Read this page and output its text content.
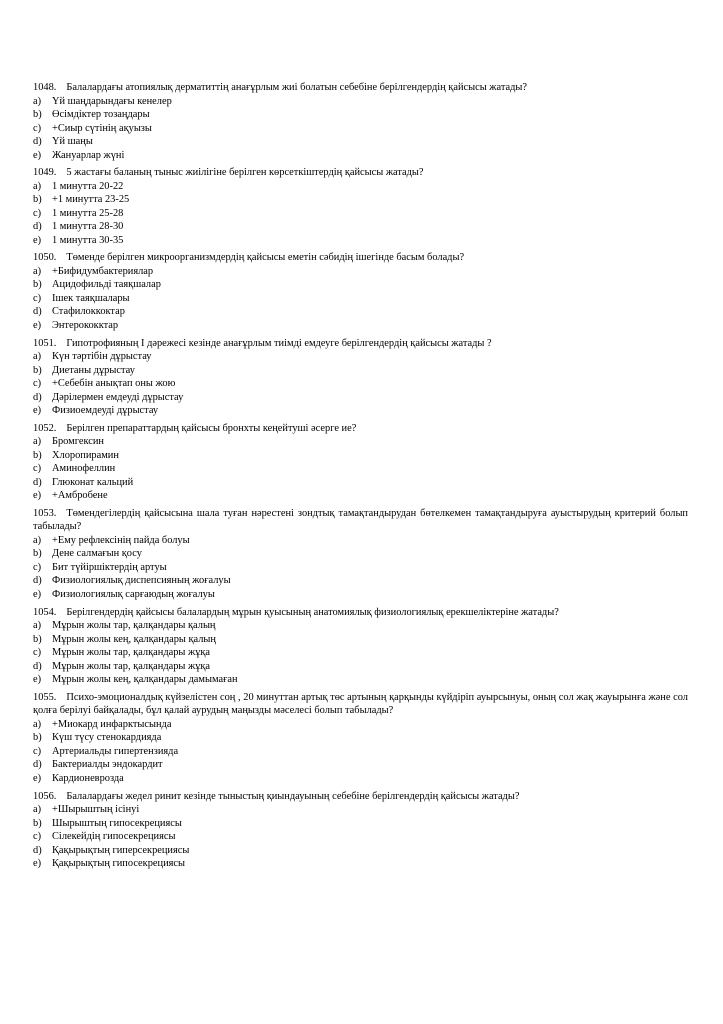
1048. Балалардағы атопиялық дерматиттің анағұрлым жиі болатын себебіне берілгендердің қайсысы жатады?
a)	Үй шаңдарындағы кенелер
b) Өсімдіктер тозаңдары
c)	+Сиыр сүтінің ақуызы
d) Үй шаңы
e)	Жануарлар жүні
1049. 5 жастағы баланың тыныс жиілігіне берілген көрсеткіштердің қайсысы жатады?
a)	1 минутта 20-22
b) +1 минутта 23-25
c)	1 минутта 25-28
d) 1 минутта 28-30
e)	1 минутта 30-35
1050. Төменде берілген микроорганизмдердің қайсысы еметін сәбидің ішегінде басым болады?
a)	+Бифидумбактериялар
b) Ацидофильді таяқшалар
c)	Ішек таяқшалары
d) Стафилоккоктар
e)	Энтерококктар
1051. Гипотрофияның I дәрежесі кезінде анағұрлым тиімді емдеуге берілгендердің қайсысы жатады ?
a)	Күн тәртібін дұрыстау
b) Диетаны дұрыстау
c)	+Себебін анықтап оны жою
d) Дәрілермен емдеуді дұрыстау
e)	Физиоемдеуді дұрыстау
1052. Берілген препараттардың қайсысы бронхты кеңейтуші әсерге ие?
a)	Бромгексин
b) Хлоропирамин
c)	Аминофеллин
d) Глюконат кальций
e)	+Амбробене
1053. Төмендегілердің қайсысына шала туған нәрестені зондтық тамақтандырудан бөтелкемен тамақтандыруға ауыстырудың критерий болып табылады?
a)	+Ему рефлексінің пайда болуы
b) Дене салмағын қосу
c)	Бит түйіршіктердің артуы
d) Физиологиялық диспепсияның жоғалуы
e)	Физиологиялық сарғаюдың жоғалуы
1054. Берілгендердің қайсысы балалардың мұрын қуысының анатомиялық физиологиялық ерекшеліктеріне жатады?
a)	Мұрын жолы тар, қалқандары қалың
b) Мұрын жолы кең, қалқандары қалың
c)	Мұрын жолы тар, қалқандары жұқа
d) Мұрын жолы тар, қалқандары жұқа
e)	Мұрын жолы кең, қалқандары дамымаған
1055. Психо-эмоционалдық күйзелістен соң , 20 минуттан артық төс артының қарқынды күйдіріп ауырсынуы, оның сол жақ жауырынға және сол қолға берілуі байқалады, бұл қалай аурудың маңызды мәселесі болып табылады?
a)	+Миокард инфарктысында
b) Күш түсу стенокардияда
c)	Артериальды гипертензияда
d) Бактериалды эндокардит
e)	Кардионевроздa
1056. Балалардағы жедел ринит кезінде тыныстың қиындауының себебіне берілгендердің қайсысы жатады?
a)	+Шырыштың ісінуі
b) Шырыштың гипосекрециясы
c)	Сілекейдің гипосекрециясы
d) Қақырықтың гиперсекрециясы
e)	Қақырықтың гипосекрециясы
